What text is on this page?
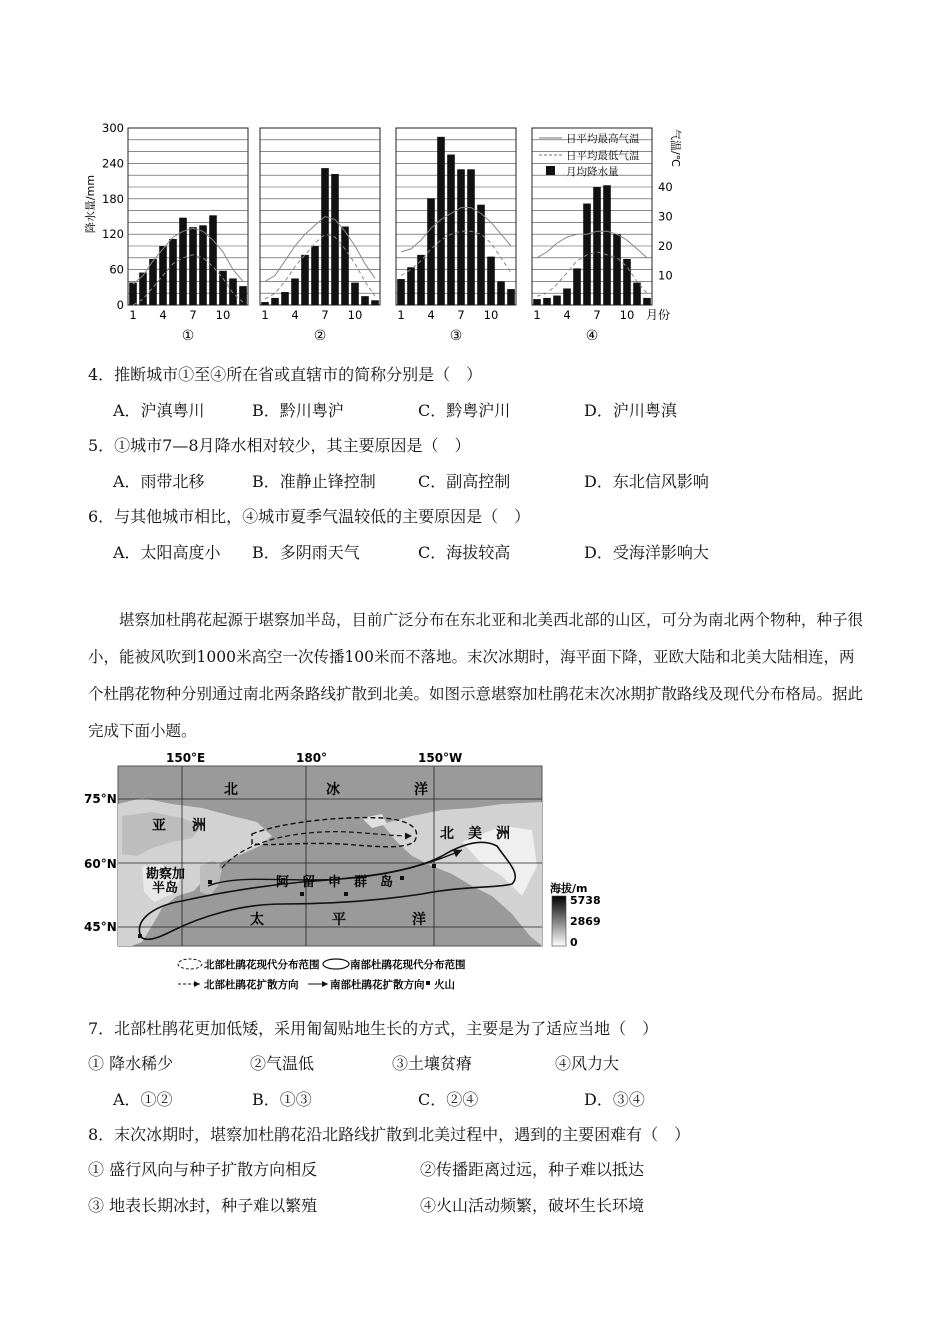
300
240
180
120
60
0
40
30
20
10
1 4 7 10
①
1 4 7 10
②
1 4 7 10
③
1 4 7 10
④
日平均最高气温
日平均最低气温
月均降水量
降水量/mm
气温/℃
月份
4．推断城市①至④所在省或直辖市的简称分别是（　）
A．沪滇粤川	B．黔川粤沪	C．黔粤沪川	D．沪川粤滇
5．①城市7—8月降水相对较少，其主要原因是（　）
A．雨带北移	B．准静止锋控制	C．副高控制	D．东北信风影响
6．与其他城市相比，④城市夏季气温较低的主要原因是（　）
A．太阳高度小 B．多阴雨天气	C．海拔较高	D．受海洋影响大

堪察加杜鹃花起源于堪察加半岛，目前广泛分布在东北亚和北美西北部的山区，可分为南北两个物种，种子很小，能被风吹到1000米高空一次传播100米而不落地。末次冰期时，海平面下降，亚欧大陆和北美大陆相连，两个杜鹃花物种分别通过南北两条路线扩散到北美。如图示意堪察加杜鹃花末次冰期扩散路线及现代分布格局。据此完成下面小题。

150°E	180°	150°W
75°N
60°N
45°N
北	冰	洋
亚 洲	北　美　洲
勘察加
半岛	阿　留　申　群　岛
太	平	洋
海拔/m
5738
2869
0
北部杜鹃花现代分布范围	南部杜鹃花现代分布范围
北部杜鹃花扩散方向	南部杜鹃花扩散方向 火山
7．北部杜鹃花更加低矮，采用匍匐贴地生长的方式，主要是为了适应当地（　）
① 降水稀少	②气温低	③土壤贫瘠	④风力大
A．①②	B．①③	C．②④	D．③④
8．末次冰期时，堪察加杜鹃花沿北路线扩散到北美过程中，遇到的主要困难有（　）
① 盛行风向与种子扩散方向相反	②传播距离过远，种子难以抵达
③ 地表长期冰封，种子难以繁殖	④火山活动频繁，破坏生长环境
